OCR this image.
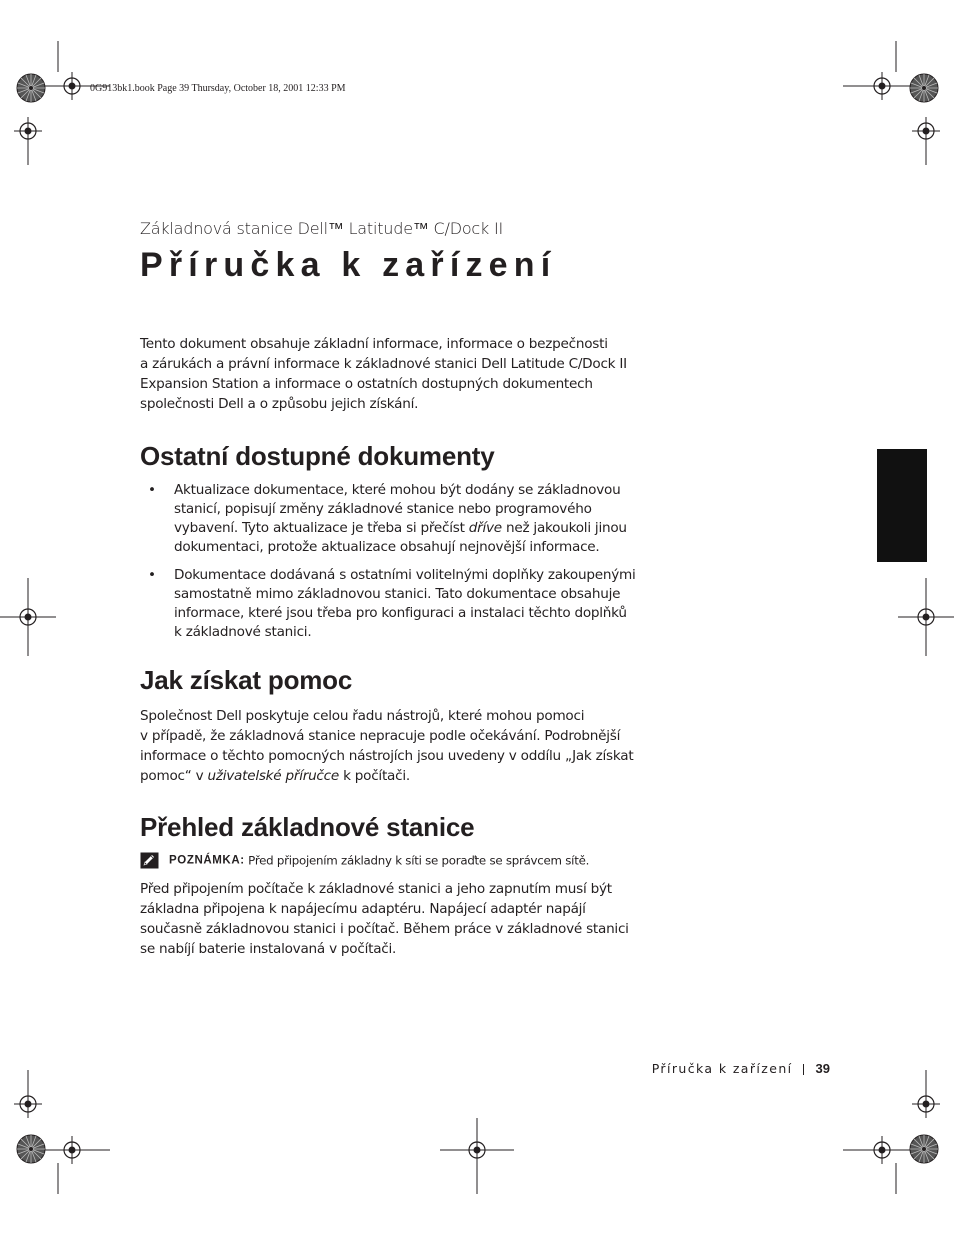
0G913bk1.book Page 39 Thursday, October 18, 2001 12:33 PM
Základnová stanice Dell™ Latitude™ C/Dock II
Příručka k zařízení
Tento dokument obsahuje základní informace, informace o bezpečnosti
a zárukách a právní informace k základnové stanici Dell Latitude C/Dock II
Expansion Station a informace o ostatních dostupných dokumentech
společnosti Dell a o způsobu jejich získání.
Ostatní dostupné dokumenty
• Aktualizace dokumentace, které mohou být dodány se základnovou
stanicí, popisují změny základnové stanice nebo programového
vybavení. Tyto aktualizace je třeba si přečíst dříve než jakoukoli jinou
dokumentaci, protože aktualizace obsahují nejnovější informace.
• Dokumentace dodávaná s ostatními volitelnými doplňky zakoupenými
samostatně mimo základnovou stanici. Tato dokumentace obsahuje
informace, které jsou třeba pro konfiguraci a instalaci těchto doplňků
k základnové stanici.
Jak získat pomoc
Společnost Dell poskytuje celou řadu nástrojů, které mohou pomoci
v případě, že základnová stanice nepracuje podle očekávání. Podrobnější
informace o těchto pomocných nástrojích jsou uvedeny v oddílu „Jak získat
pomoc“ v uživatelské příručce k počítači.
Přehled základnové stanice
POZNÁMKA: Před připojením základny k síti se poraďte se správcem sítě.
Před připojením počítače k základnové stanici a jeho zapnutím musí být
základna připojena k napájecímu adaptéru. Napájecí adaptér napájí
současně základnovou stanici i počítač. Během práce v základnové stanici
se nabíjí baterie instalovaná v počítači.
Příručka k zařízení 39
